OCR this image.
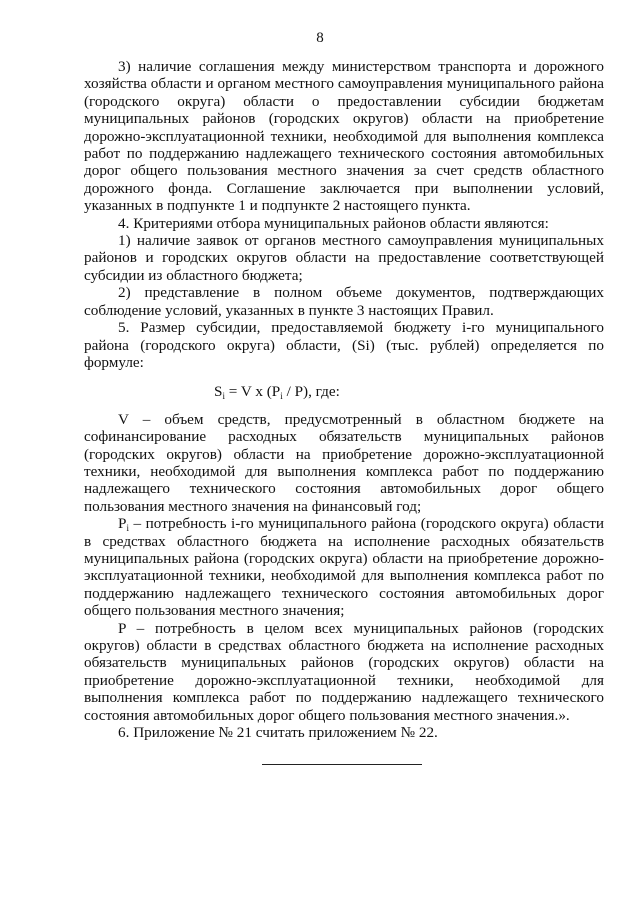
8

3) наличие соглашения между министерством транспорта и дорожного хозяйства области и органом местного самоуправления муниципального района (городского округа) области о предоставлении субсидии бюджетам муниципальных районов (городских округов) области на приобретение дорожно-эксплуатационной техники, необходимой для выполнения комплекса работ по поддержанию надлежащего технического состояния автомобильных дорог общего пользования местного значения за счет средств областного дорожного фонда. Соглашение заключается при выполнении условий, указанных в подпункте 1 и подпункте 2 настоящего пункта.

4. Критериями отбора муниципальных районов области являются:

1) наличие заявок от органов местного самоуправления муниципальных районов и городских округов области на предоставление соответствующей субсидии из областного бюджета;

2) представление в полном объеме документов, подтверждающих соблюдение условий, указанных в пункте 3 настоящих Правил.

5. Размер субсидии, предоставляемой бюджету i-го муниципального района (городского округа) области, (Si) (тыс. рублей) определяется по формуле:

$S_i = V$ x $(P_i / P)$, где:

V – объем средств, предусмотренный в областном бюджете на софинансирование расходных обязательств муниципальных районов (городских округов) области на приобретение дорожно-эксплуатационной техники, необходимой для выполнения комплекса работ по поддержанию надлежащего технического состояния автомобильных дорог общего пользования местного значения на финансовый год;

$P_i$ – потребность i-го муниципального района (городского округа) области в средствах областного бюджета на исполнение расходных обязательств муниципальных района (городских округа) области на приобретение дорожно-эксплуатационной техники, необходимой для выполнения комплекса работ по поддержанию надлежащего технического состояния автомобильных дорог общего пользования местного значения;

P – потребность в целом всех муниципальных районов (городских округов) области в средствах областного бюджета на исполнение расходных обязательств муниципальных районов (городских округов) области на приобретение дорожно-эксплуатационной техники, необходимой для выполнения комплекса работ по поддержанию надлежащего технического состояния автомобильных дорог общего пользования местного значения.».

6. Приложение № 21 считать приложением № 22.
